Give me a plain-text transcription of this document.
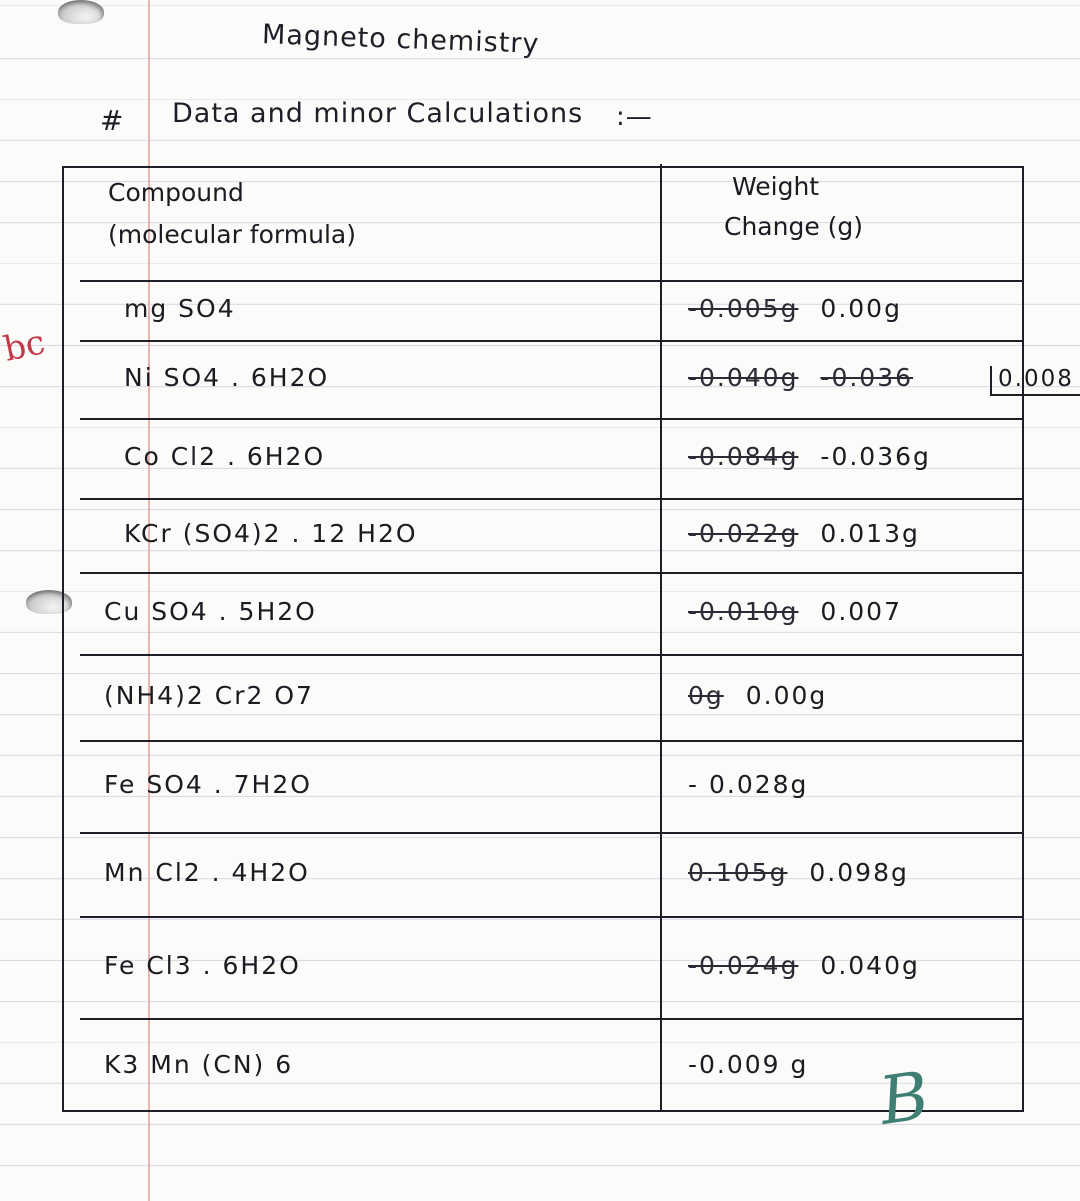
Magneto chemistry
# Data and minor Calculations :—
bc
Compound
(molecular formula)
Weight
Change (g)
mg SO4	-0.005g 0.00g
Ni SO4 . 6H2O	-0.040g -0.036
Co Cl2 . 6H2O	-0.084g -0.036g
KCr (SO4)2 . 12 H2O	-0.022g 0.013g
Cu SO4 . 5H2O	-0.010g 0.007
(NH4)2 Cr2 O7	0g 0.00g
Fe SO4 . 7H2O	- 0.028g
Mn Cl2 . 4H2O	0.105g 0.098g
Fe Cl3 . 6H2O	-0.024g 0.040g
K3 Mn (CN) 6	-0.009 g
0.008
B
